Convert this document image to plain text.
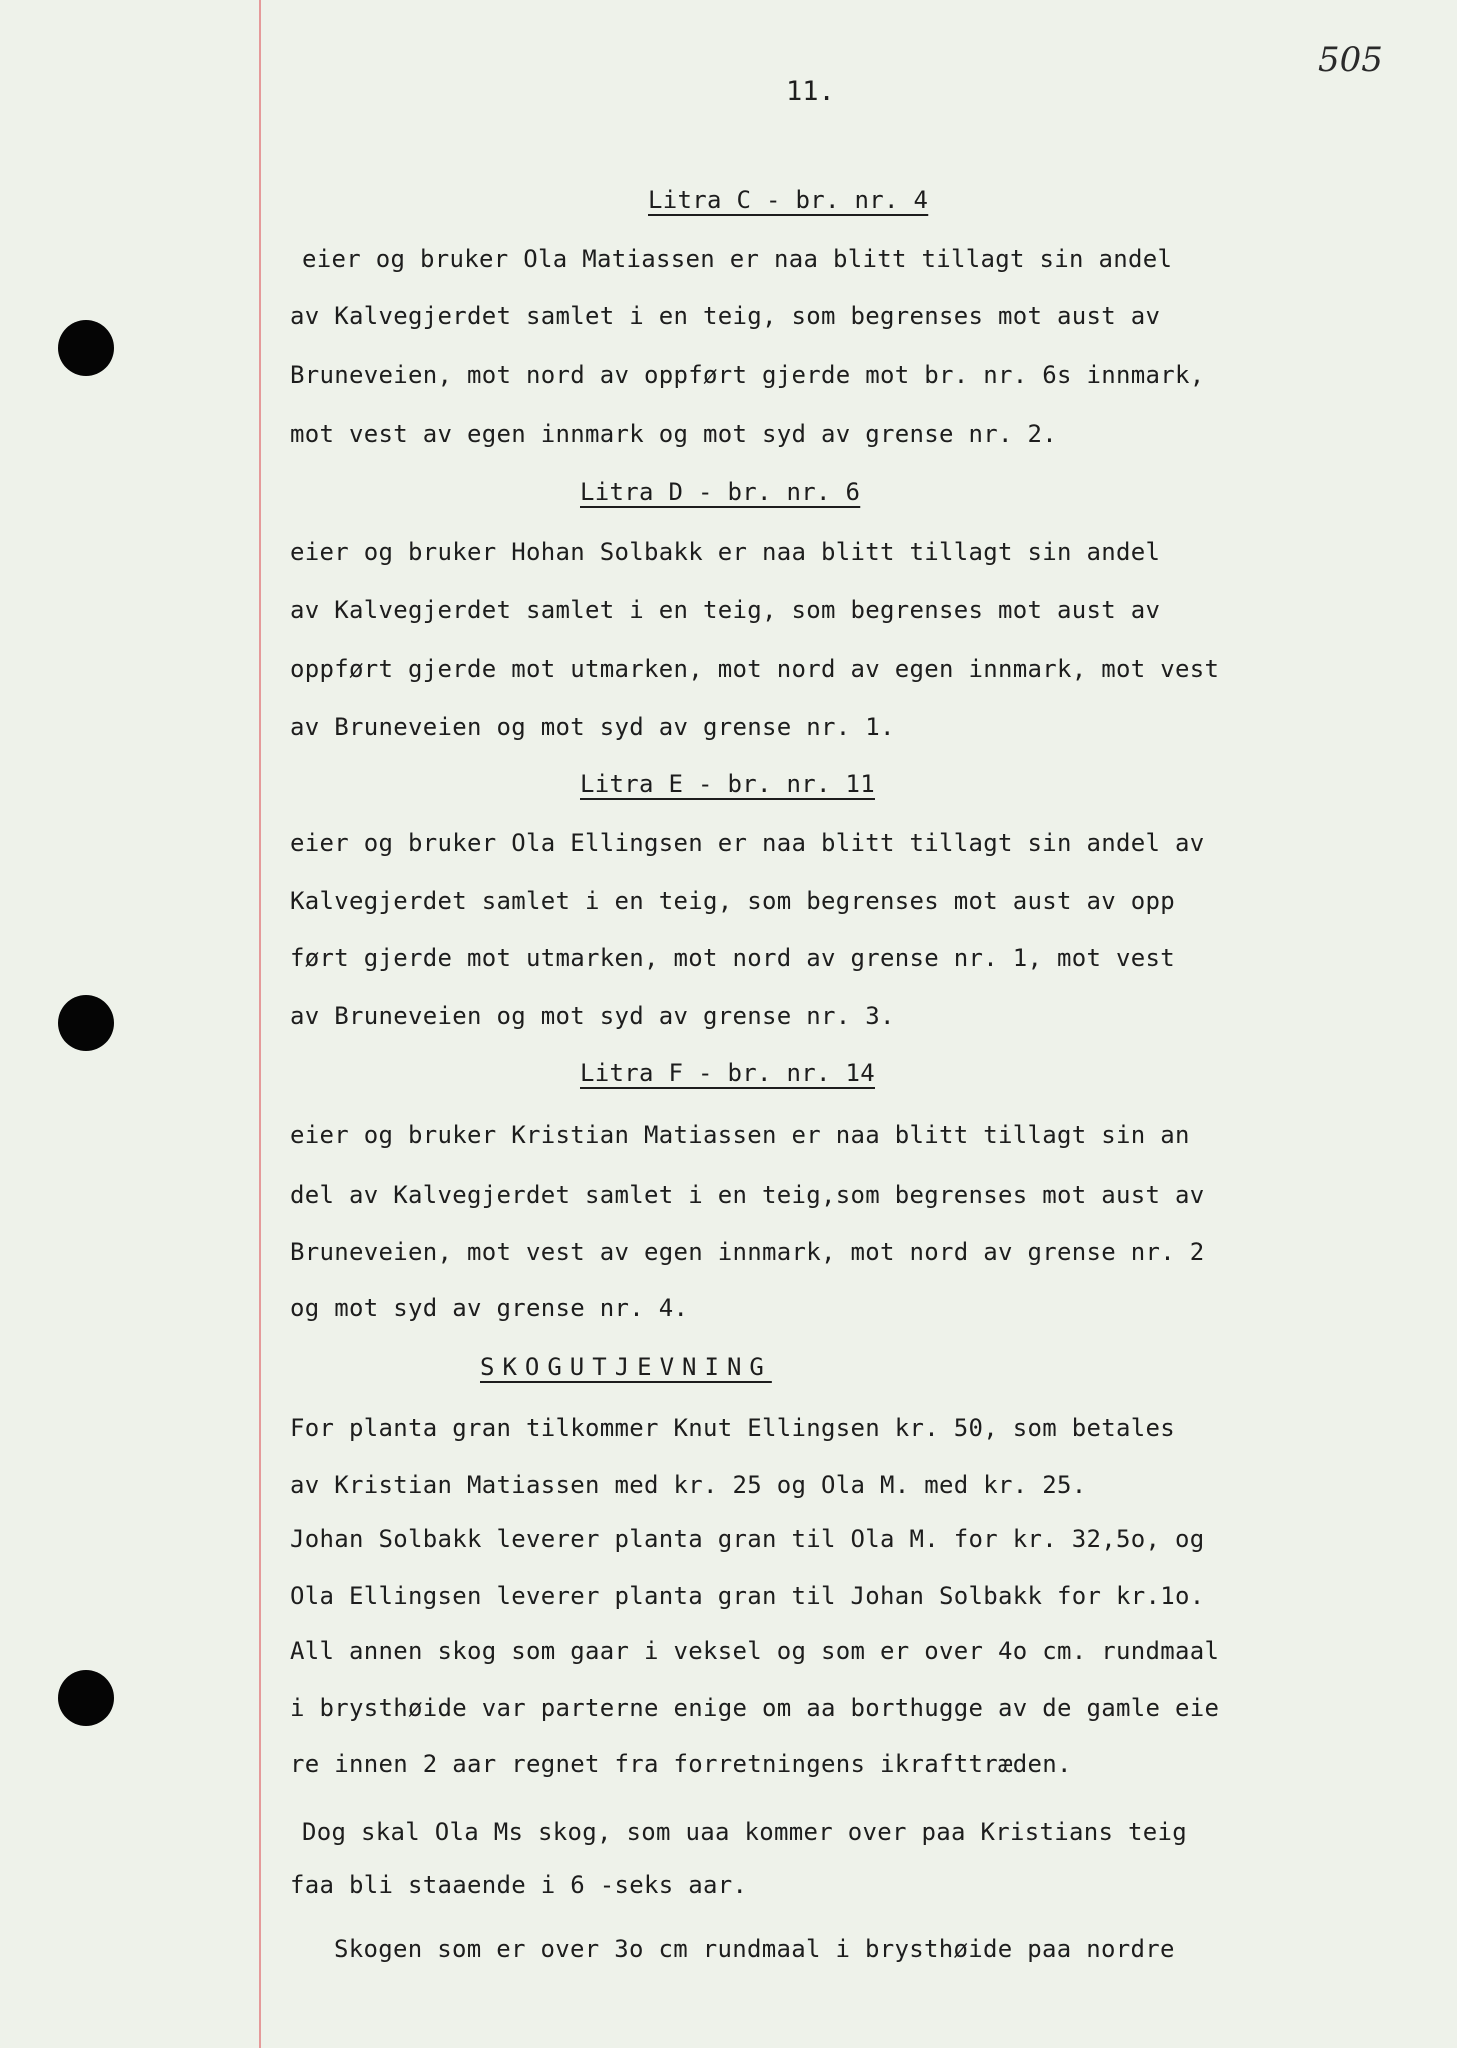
505
11.
Litra C - br. nr. 4

eier og bruker Ola Matiassen er naa blitt tillagt sin andel

av Kalvegjerdet samlet i en teig, som begrenses mot aust av

Bruneveien, mot nord av oppført gjerde mot br. nr. 6s innmark,

mot vest av egen innmark og mot syd av grense nr. 2.

Litra D - br. nr. 6

eier og bruker Hohan Solbakk er naa blitt tillagt sin andel

av Kalvegjerdet samlet i en teig, som begrenses mot aust av

oppført gjerde mot utmarken, mot nord av egen innmark, mot vest

av Bruneveien og mot syd av grense nr. 1.

Litra E - br. nr. 11

eier og bruker Ola Ellingsen er naa blitt tillagt sin andel av

Kalvegjerdet samlet i en teig, som begrenses mot aust av opp

ført gjerde mot utmarken, mot nord av grense nr. 1, mot vest

av Bruneveien og mot syd av grense nr. 3.

Litra F - br. nr. 14

eier og bruker Kristian Matiassen er naa blitt tillagt sin an

del av Kalvegjerdet samlet i en teig,som begrenses mot aust av

Bruneveien, mot vest av egen innmark, mot nord av grense nr. 2

og mot syd av grense nr. 4.

SKOGUTJEVNING

For planta gran tilkommer Knut Ellingsen kr. 50, som betales

av Kristian Matiassen med kr. 25 og Ola M. med kr. 25.

Johan Solbakk leverer planta gran til Ola M. for kr. 32,5o, og

Ola Ellingsen leverer planta gran til Johan Solbakk for kr.1o.

All annen skog som gaar i veksel og som er over 4o cm. rundmaal

i brysthøide var parterne enige om aa borthugge av de gamle eie

re innen 2 aar regnet fra forretningens ikrafttræden.

Dog skal Ola Ms skog, som uaa kommer over paa Kristians teig

faa bli staaende i 6 -seks aar.

Skogen som er over 3o cm rundmaal i brysthøide paa nordre
